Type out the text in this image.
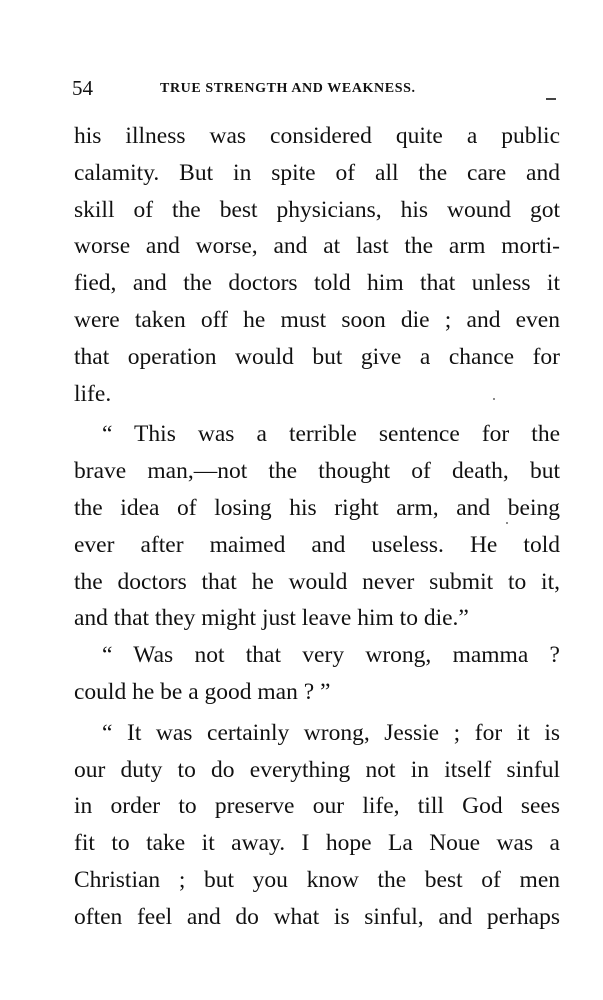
54	TRUE STRENGTH AND WEAKNESS.
his illness was considered quite a public
calamity. But in spite of all the care and
skill of the best physicians, his wound got
worse and worse, and at last the arm morti-
fied, and the doctors told him that unless it
were taken off he must soon die ; and even
that operation would but give a chance for
life.
“ This was a terrible sentence for the
brave man,—not the thought of death, but
the idea of losing his right arm, and being
ever after maimed and useless. He told
the doctors that he would never submit to it,
and that they might just leave him to die.”
“ Was not that very wrong, mamma ?
could he be a good man ? ”
“ It was certainly wrong, Jessie ; for it is
our duty to do everything not in itself sinful
in order to preserve our life, till God sees
fit to take it away. I hope La Noue was a
Christian ; but you know the best of men
often feel and do what is sinful, and perhaps
